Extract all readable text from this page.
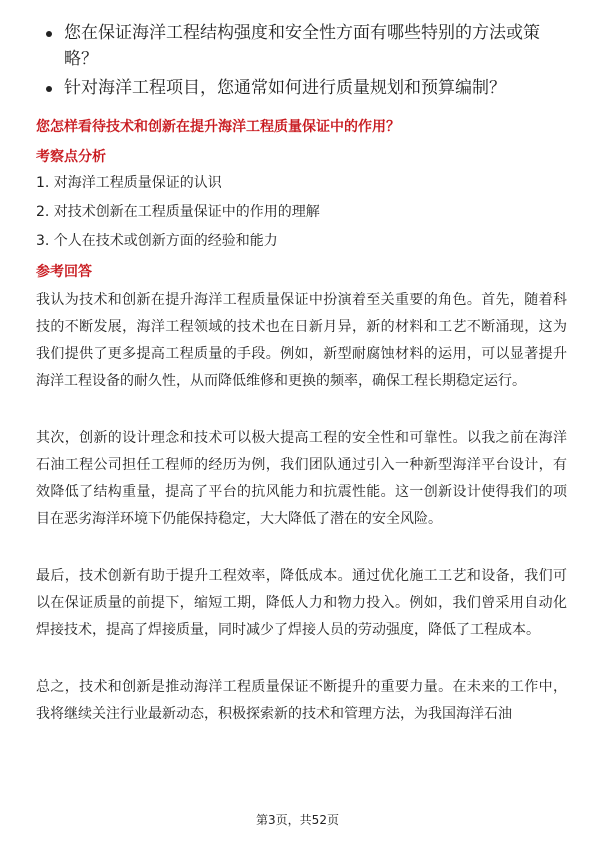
您在保证海洋工程结构强度和安全性方面有哪些特别的方法或策略？
针对海洋工程项目，您通常如何进行质量规划和预算编制？
您怎样看待技术和创新在提升海洋工程质量保证中的作用？
考察点分析
1. 对海洋工程质量保证的认识
2. 对技术创新在工程质量保证中的作用的理解
3. 个人在技术或创新方面的经验和能力
参考回答

我认为技术和创新在提升海洋工程质量保证中扮演着至关重要的角色。首先，随着科技的不断发展，海洋工程领域的技术也在日新月异，新的材料和工艺不断涌现，这为我们提供了更多提高工程质量的手段。例如，新型耐腐蚀材料的运用，可以显著提升海洋工程设备的耐久性，从而降低维修和更换的频率，确保工程长期稳定运行。

其次，创新的设计理念和技术可以极大提高工程的安全性和可靠性。以我之前在海洋石油工程公司担任工程师的经历为例，我们团队通过引入一种新型海洋平台设计，有效降低了结构重量，提高了平台的抗风能力和抗震性能。这一创新设计使得我们的项目在恶劣海洋环境下仍能保持稳定，大大降低了潜在的安全风险。

最后，技术创新有助于提升工程效率，降低成本。通过优化施工工艺和设备，我们可以在保证质量的前提下，缩短工期，降低人力和物力投入。例如，我们曾采用自动化焊接技术，提高了焊接质量，同时减少了焊接人员的劳动强度，降低了工程成本。

总之，技术和创新是推动海洋工程质量保证不断提升的重要力量。在未来的工作中，我将继续关注行业最新动态，积极探索新的技术和管理方法，为我国海洋石油

第3页，共52页
